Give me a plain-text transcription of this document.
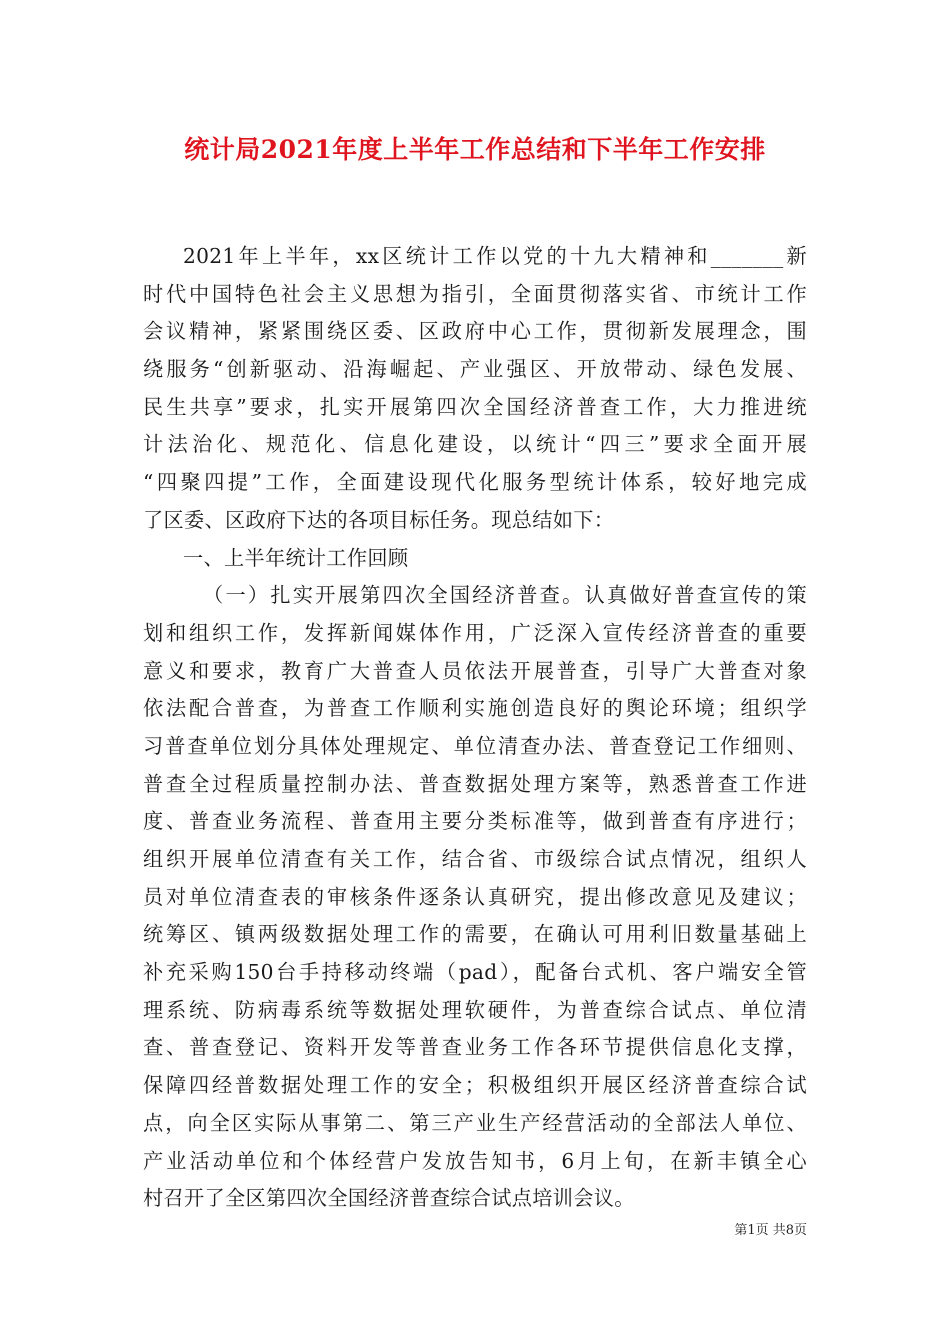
统计局2021年度上半年工作总结和下半年工作安排
2021年上半年，xx区统计工作以党的十九大精神和_______新
时代中国特色社会主义思想为指引，全面贯彻落实省、市统计工作
会议精神，紧紧围绕区委、区政府中心工作，贯彻新发展理念，围
绕服务“创新驱动、沿海崛起、产业强区、开放带动、绿色发展、
民生共享”要求，扎实开展第四次全国经济普查工作，大力推进统
计法治化、规范化、信息化建设，以统计“四三”要求全面开展
“四聚四提”工作，全面建设现代化服务型统计体系，较好地完成
了区委、区政府下达的各项目标任务。现总结如下：
一、上半年统计工作回顾
（一）扎实开展第四次全国经济普查。认真做好普查宣传的策
划和组织工作，发挥新闻媒体作用，广泛深入宣传经济普查的重要
意义和要求，教育广大普查人员依法开展普查，引导广大普查对象
依法配合普查，为普查工作顺利实施创造良好的舆论环境；组织学
习普查单位划分具体处理规定、单位清查办法、普查登记工作细则、
普查全过程质量控制办法、普查数据处理方案等，熟悉普查工作进
度、普查业务流程、普查用主要分类标准等，做到普查有序进行；
组织开展单位清查有关工作，结合省、市级综合试点情况，组织人
员对单位清查表的审核条件逐条认真研究，提出修改意见及建议；
统筹区、镇两级数据处理工作的需要，在确认可用利旧数量基础上
补充采购150台手持移动终端（pad），配备台式机、客户端安全管
理系统、防病毒系统等数据处理软硬件，为普查综合试点、单位清
查、普查登记、资料开发等普查业务工作各环节提供信息化支撑，
保障四经普数据处理工作的安全；积极组织开展区经济普查综合试
点，向全区实际从事第二、第三产业生产经营活动的全部法人单位、
产业活动单位和个体经营户发放告知书，6月上旬，在新丰镇全心
村召开了全区第四次全国经济普查综合试点培训会议。
第1页 共8页
